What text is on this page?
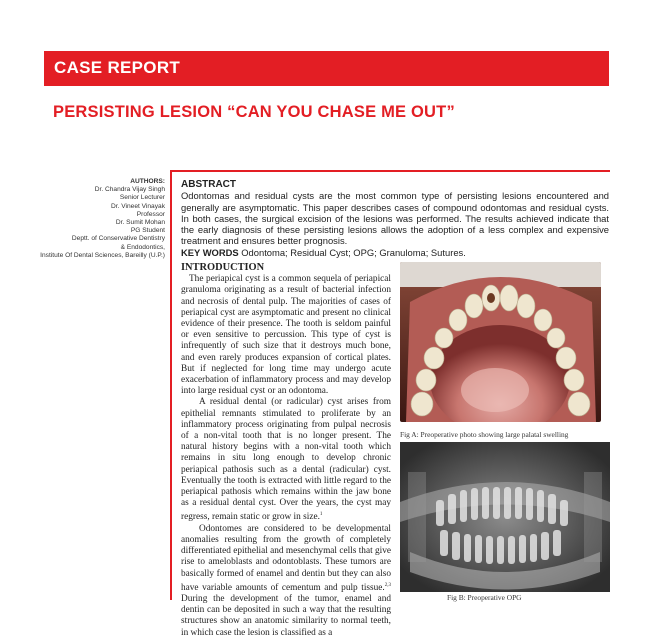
CASE REPORT
PERSISTING LESION “CAN YOU CHASE ME OUT”
AUTHORS:
Dr. Chandra Vijay Singh
Senior Lecturer
Dr. Vineet Vinayak
Professor
Dr. Sumit Mohan
PG Student
Deptt. of Conservative Dentistry
& Endodontics,
Institute Of Dental Sciences, Bareilly (U.P.)
ABSTRACT
Odontomas and residual cysts are the most common type of persisting lesions encountered and generally are asymptomatic. This paper describes cases of compound odontomas and residual cysts. In both cases, the surgical excision of the lesions was performed. The results achieved indicate that the early diagnosis of these persisting lesions allows the adoption of a less complex and expensive treatment and ensures better prognosis.
KEY WORDS Odontoma; Residual Cyst; OPG; Granuloma; Sutures.
INTRODUCTION

The periapical cyst is a common sequela of periapical granuloma originating as a result of bacterial infection and necrosis of dental pulp. The majorities of cases of periapical cyst are asymptomatic and present no clinical evidence of their presence. The tooth is seldom painful or even sensitive to percussion. This type of cyst is infrequently of such size that it destroys much bone, and even rarely produces expansion of cortical plates. But if neglected for long time may undergo acute exacerbation of inflammatory process and may develop into large residual cyst or an odontoma.

A residual dental (or radicular) cyst arises from epithelial remnants stimulated to proliferate by an inflammatory process originating from pulpal necrosis of a non-vital tooth that is no longer present. The natural history begins with a non-vital tooth which remains in situ long enough to develop chronic periapical pathosis such as a dental (radicular) cyst. Eventually the tooth is extracted with little regard to the periapical pathosis which remains within the jaw bone as a residual dental cyst. Over the years, the cyst may regress, remain static or grow in size.$^1$

Odontomes are considered to be developmental anomalies resulting from the growth of completely differentiated epithelial and mesenchymal cells that give rise to ameloblasts and odontoblasts. These tumors are basically formed of enamel and dentin but they can also have variable amounts of cementum and pulp tissue.$^{2,3}$ During the development of the tumor, enamel and dentin can be deposited in such a way that the resulting structures show an anatomic similarity to normal teeth, in which case the lesion is classified as a

Fig A: Preoperative photo showing large palatal swelling
Fig B: Preoperative OPG
